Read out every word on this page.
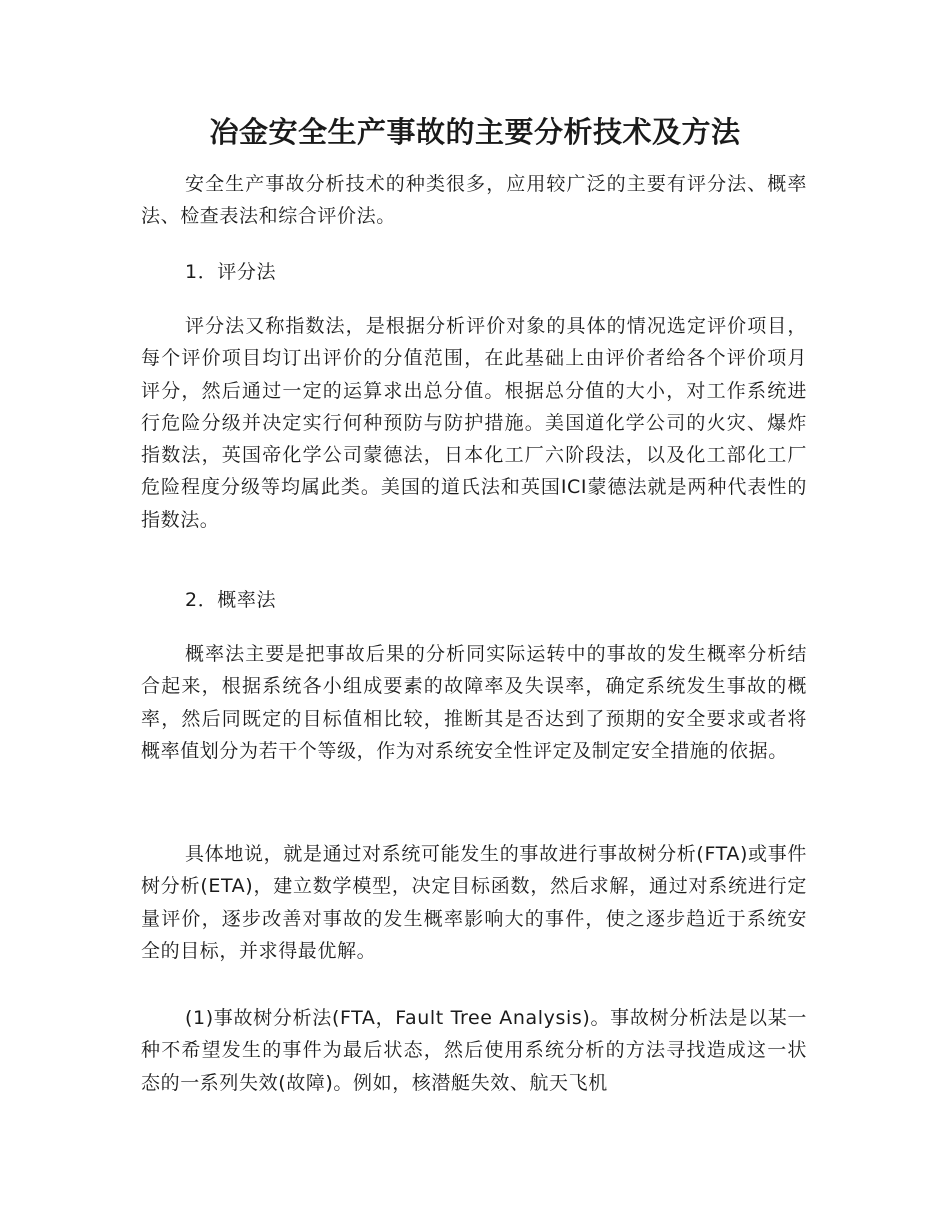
冶金安全生产事故的主要分析技术及方法

安全生产事故分析技术的种类很多，应用较广泛的主要有评分法、概率法、检查表法和综合评价法。

1．评分法

评分法又称指数法，是根据分析评价对象的具体的情况选定评价项目，每个评价项目均订出评价的分值范围，在此基础上由评价者给各个评价项月评分，然后通过一定的运算求出总分值。根据总分值的大小，对工作系统进行危险分级并决定实行何种预防与防护措施。美国道化学公司的火灾、爆炸指数法，英国帝化学公司蒙德法，日本化工厂六阶段法，以及化工部化工厂危险程度分级等均属此类。美国的道氏法和英国ICI蒙德法就是两种代表性的指数法。

2．概率法

概率法主要是把事故后果的分析同实际运转中的事故的发生概率分析结合起来，根据系统各小组成要素的故障率及失误率，确定系统发生事故的概率，然后同既定的目标值相比较，推断其是否达到了预期的安全要求或者将概率值划分为若干个等级，作为对系统安全性评定及制定安全措施的依据。

具体地说，就是通过对系统可能发生的事故进行事故树分析(FTA)或事件树分析(ETA)，建立数学模型，决定目标函数，然后求解，通过对系统进行定量评价，逐步改善对事故的发生概率影响大的事件，使之逐步趋近于系统安全的目标，并求得最优解。

(1)事故树分析法(FTA，Fault Tree Analysis)。事故树分析法是以某一种不希望发生的事件为最后状态，然后使用系统分析的方法寻找造成这一状态的一系列失效(故障)。例如，核潜艇失效、航天飞机
